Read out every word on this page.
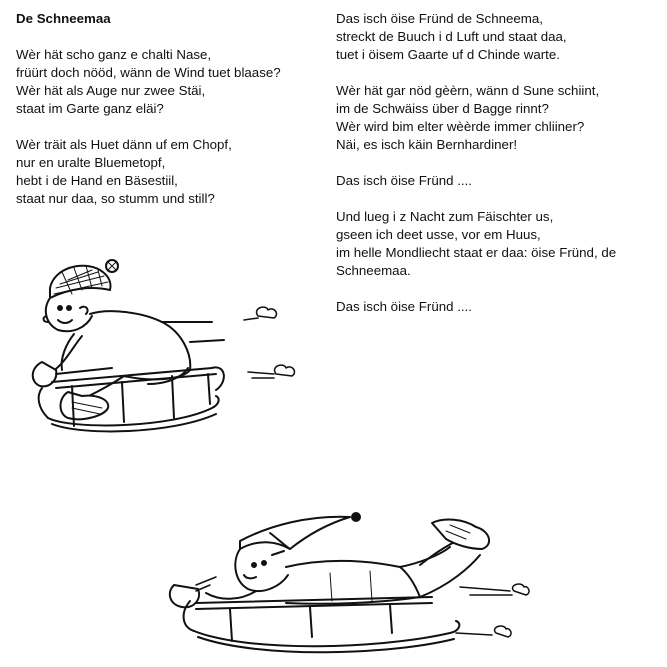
De Schneemaa
Wèr hät scho ganz e chalti Nase,
früürt doch nööd, wänn de Wind tuet blaase?
Wèr hät als Auge nur zwee Stäi,
staat im Garte ganz eläi?
Wèr träit als Huet dänn uf em Chopf,
nur en uralte Bluemetopf,
hebt i de Hand en Bäsestiil,
staat nur daa, so stumm und still?
Das isch öise Fründ de Schneema,
streckt de Buuch i d Luft und staat daa,
tuet i öisem Gaarte uf d Chinde warte.
Wèr hät gar nöd gèèrn, wänn d Sune schiint,
im de Schwäiss über d Bagge rinnt?
Wèr wird bim elter wèèrde immer chliiner?
Näi, es isch käin Bernhardiner!
Das isch öise Fründ ....
Und lueg i z Nacht zum Fäischter us,
gseen ich deet usse, vor em Huus,
im helle Mondliecht staat er daa: öise Fründ, de Schneemaa.
Das isch öise Fründ ....
